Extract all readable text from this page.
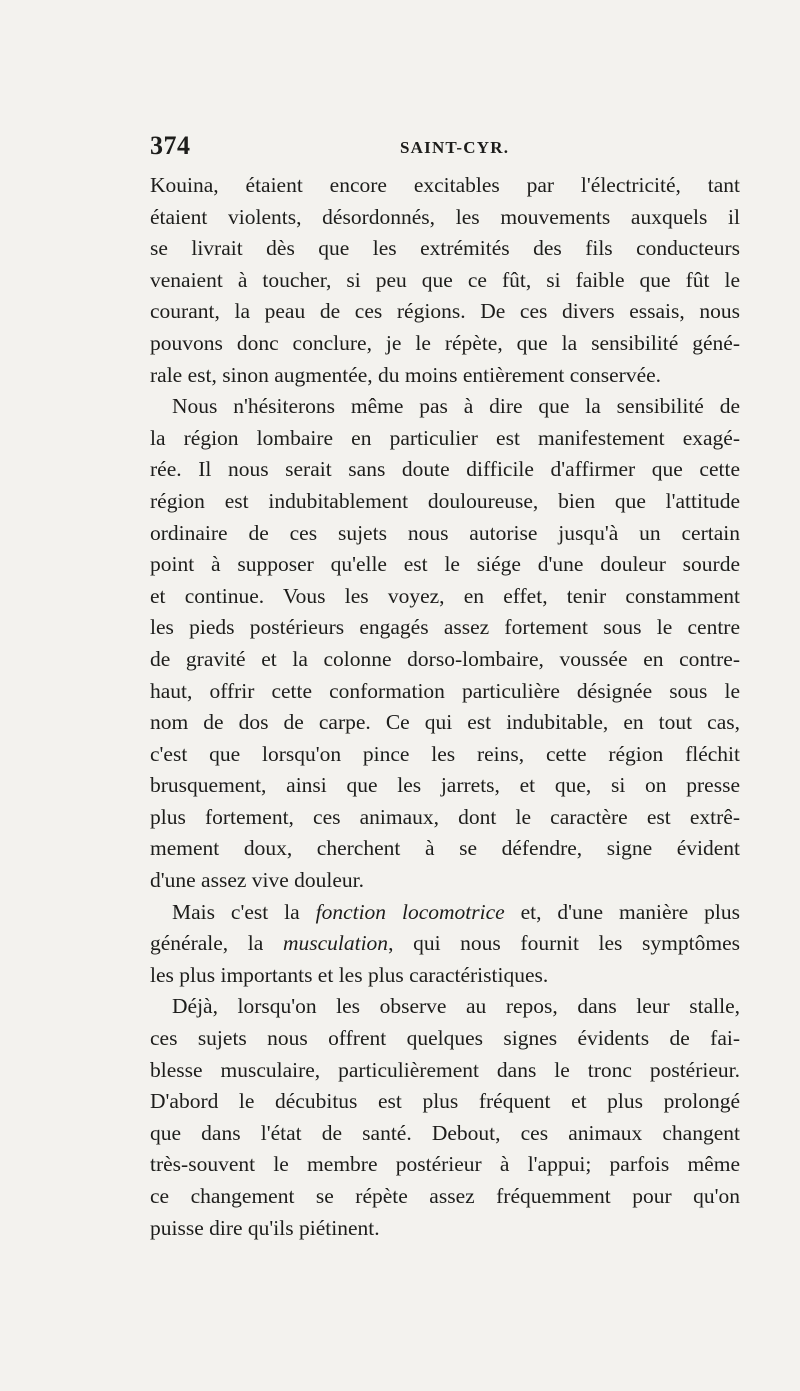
374	SAINT-CYR.
Kouina, étaient encore excitables par l'électricité, tant
étaient violents, désordonnés, les mouvements auxquels il
se livrait dès que les extrémités des fils conducteurs
venaient à toucher, si peu que ce fût, si faible que fût le
courant, la peau de ces régions. De ces divers essais, nous
pouvons donc conclure, je le répète, que la sensibilité géné-
rale est, sinon augmentée, du moins entièrement conservée.
Nous n'hésiterons même pas à dire que la sensibilité de
la région lombaire en particulier est manifestement exagé-
rée. Il nous serait sans doute difficile d'affirmer que cette
région est indubitablement douloureuse, bien que l'attitude
ordinaire de ces sujets nous autorise jusqu'à un certain
point à supposer qu'elle est le siége d'une douleur sourde
et continue. Vous les voyez, en effet, tenir constamment
les pieds postérieurs engagés assez fortement sous le centre
de gravité et la colonne dorso-lombaire, voussée en contre-
haut, offrir cette conformation particulière désignée sous le
nom de dos de carpe. Ce qui est indubitable, en tout cas,
c'est que lorsqu'on pince les reins, cette région fléchit
brusquement, ainsi que les jarrets, et que, si on presse
plus fortement, ces animaux, dont le caractère est extrê-
mement doux, cherchent à se défendre, signe évident
d'une assez vive douleur.
Mais c'est la fonction locomotrice et, d'une manière plus
générale, la musculation, qui nous fournit les symptômes
les plus importants et les plus caractéristiques.
Déjà, lorsqu'on les observe au repos, dans leur stalle,
ces sujets nous offrent quelques signes évidents de fai-
blesse musculaire, particulièrement dans le tronc postérieur.
D'abord le décubitus est plus fréquent et plus prolongé
que dans l'état de santé. Debout, ces animaux changent
très-souvent le membre postérieur à l'appui; parfois même
ce changement se répète assez fréquemment pour qu'on
puisse dire qu'ils piétinent.
